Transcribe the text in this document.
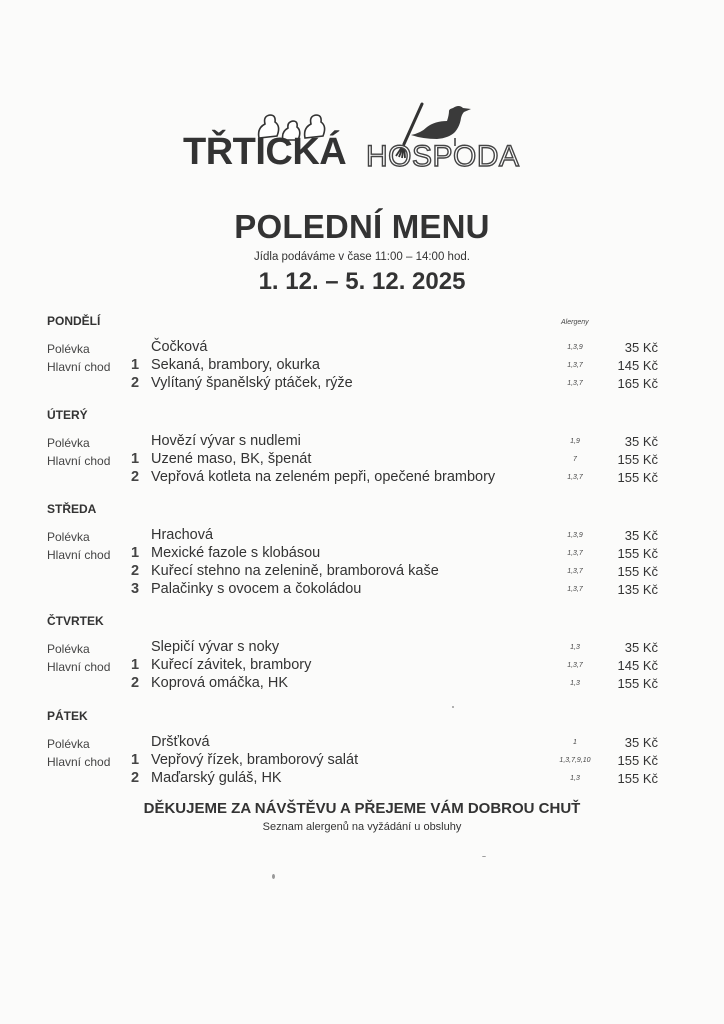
TŘTICKÁ HOSPODA
POLEDNÍ MENU
Jídla podáváme v čase 11:00 – 14:00 hod.
1. 12. – 5. 12. 2025
Alergeny
PONDĚLÍ
Polévka	Čočková	1,3,9	35 Kč
Hlavní chod 1 Sekaná, brambory, okurka	1,3,7	145 Kč
2 Vylítaný španělský ptáček, rýže	1,3,7	165 Kč
ÚTERÝ
Polévka	Hovězí vývar s nudlemi	1,9	35 Kč
Hlavní chod 1 Uzené maso, BK, špenát	7	155 Kč
2 Vepřová kotleta na zeleném pepři, opečené brambory	1,3,7	155 Kč
STŘEDA
Polévka	Hrachová	1,3,9	35 Kč
Hlavní chod 1 Mexické fazole s klobásou	1,3,7	155 Kč
2 Kuřecí stehno na zelenině, bramborová kaše	1,3,7	155 Kč
3 Palačinky s ovocem a čokoládou	1,3,7	135 Kč
ČTVRTEK
Polévka	Slepičí vývar s noky	1,3	35 Kč
Hlavní chod 1 Kuřecí závitek, brambory	1,3,7	145 Kč
2 Koprová omáčka, HK	1,3	155 Kč
PÁTEK
Polévka	Dršťková	1	35 Kč
Hlavní chod 1 Vepřový řízek, bramborový salát	1,3,7,9,10	155 Kč
2 Maďarský guláš, HK	1,3	155 Kč
DĚKUJEME ZA NÁVŠTĚVU A PŘEJEME VÁM DOBROU CHUŤ
Seznam alergenů na vyžádání u obsluhy
